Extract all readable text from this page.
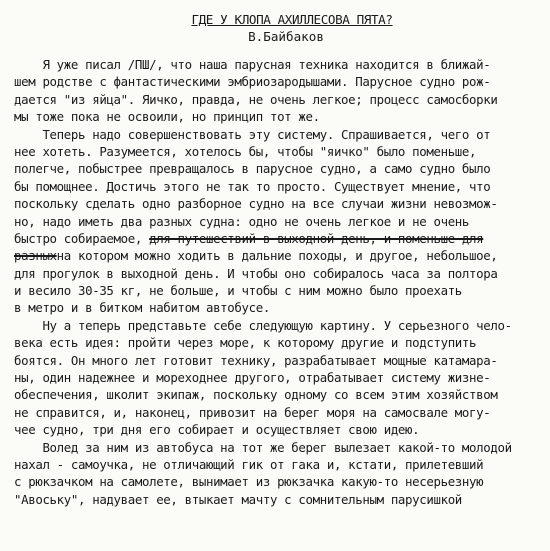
ГДЕ У КЛОПА АХИЛЛЕСОВА ПЯТА?
В.Байбаков
Я уже писал /ПШ/, что наша парусная техника находится в ближай-
шем родстве с фантастическими эмбриозародышами. Парусное судно рож-
дается "из яйца". Яичко, правда, не очень легкое; процесс самосборки
мы тоже пока не освоили, но принцип тот же.
Теперь надо совершенствовать эту систему. Спрашивается, чего от
нее хотеть. Разумеется, хотелось бы, чтобы "яичко" было поменьше,
полегче, побыстрее превращалось в парусное судно, а само судно было
бы помощнее. Достичь этого не так то просто. Существует мнение, что
поскольку сделать одно разборное судно на все случаи жизни невозмож-
но, надо иметь два разных судна: одно не очень легкое и не очень
быстро собираемое, для путешествий в выходной день, и поменьше для
разныхна котором можно ходить в дальние походы, и другое, небольшое,
для прогулок в выходной день. И чтобы оно собиралось часа за полтора
и весило 30-35 кг, не больше, и чтобы с ним можно было проехать
в метро и в битком набитом автобусе.
Ну а теперь представьте себе следующую картину. У серьезного чело-
века есть идея: пройти через море, к которому другие и подступить
боятся. Он много лет готовит технику, разрабатывает мощные катамара-
ны, один надежнее и мореходнее другого, отрабатывает систему жизне-
обеспечения, школит экипаж, поскольку одному со всем этим хозяйством
не справится, и, наконец, привозит на берег моря на самосвале могу-
чее судно, три дня его собирает и осуществляет свою идею.
Волед за ним из автобуса на тот же берег вылезает какой-то молодой
нахал - самоучка, не отличающий гик от гака и, кстати, прилетевший
с рюкзачком на самолете, вынимает из рюкзачка какую-то несерьезную
"Авоську", надувает ее, втыкает мачту с сомнительным парусишкой
